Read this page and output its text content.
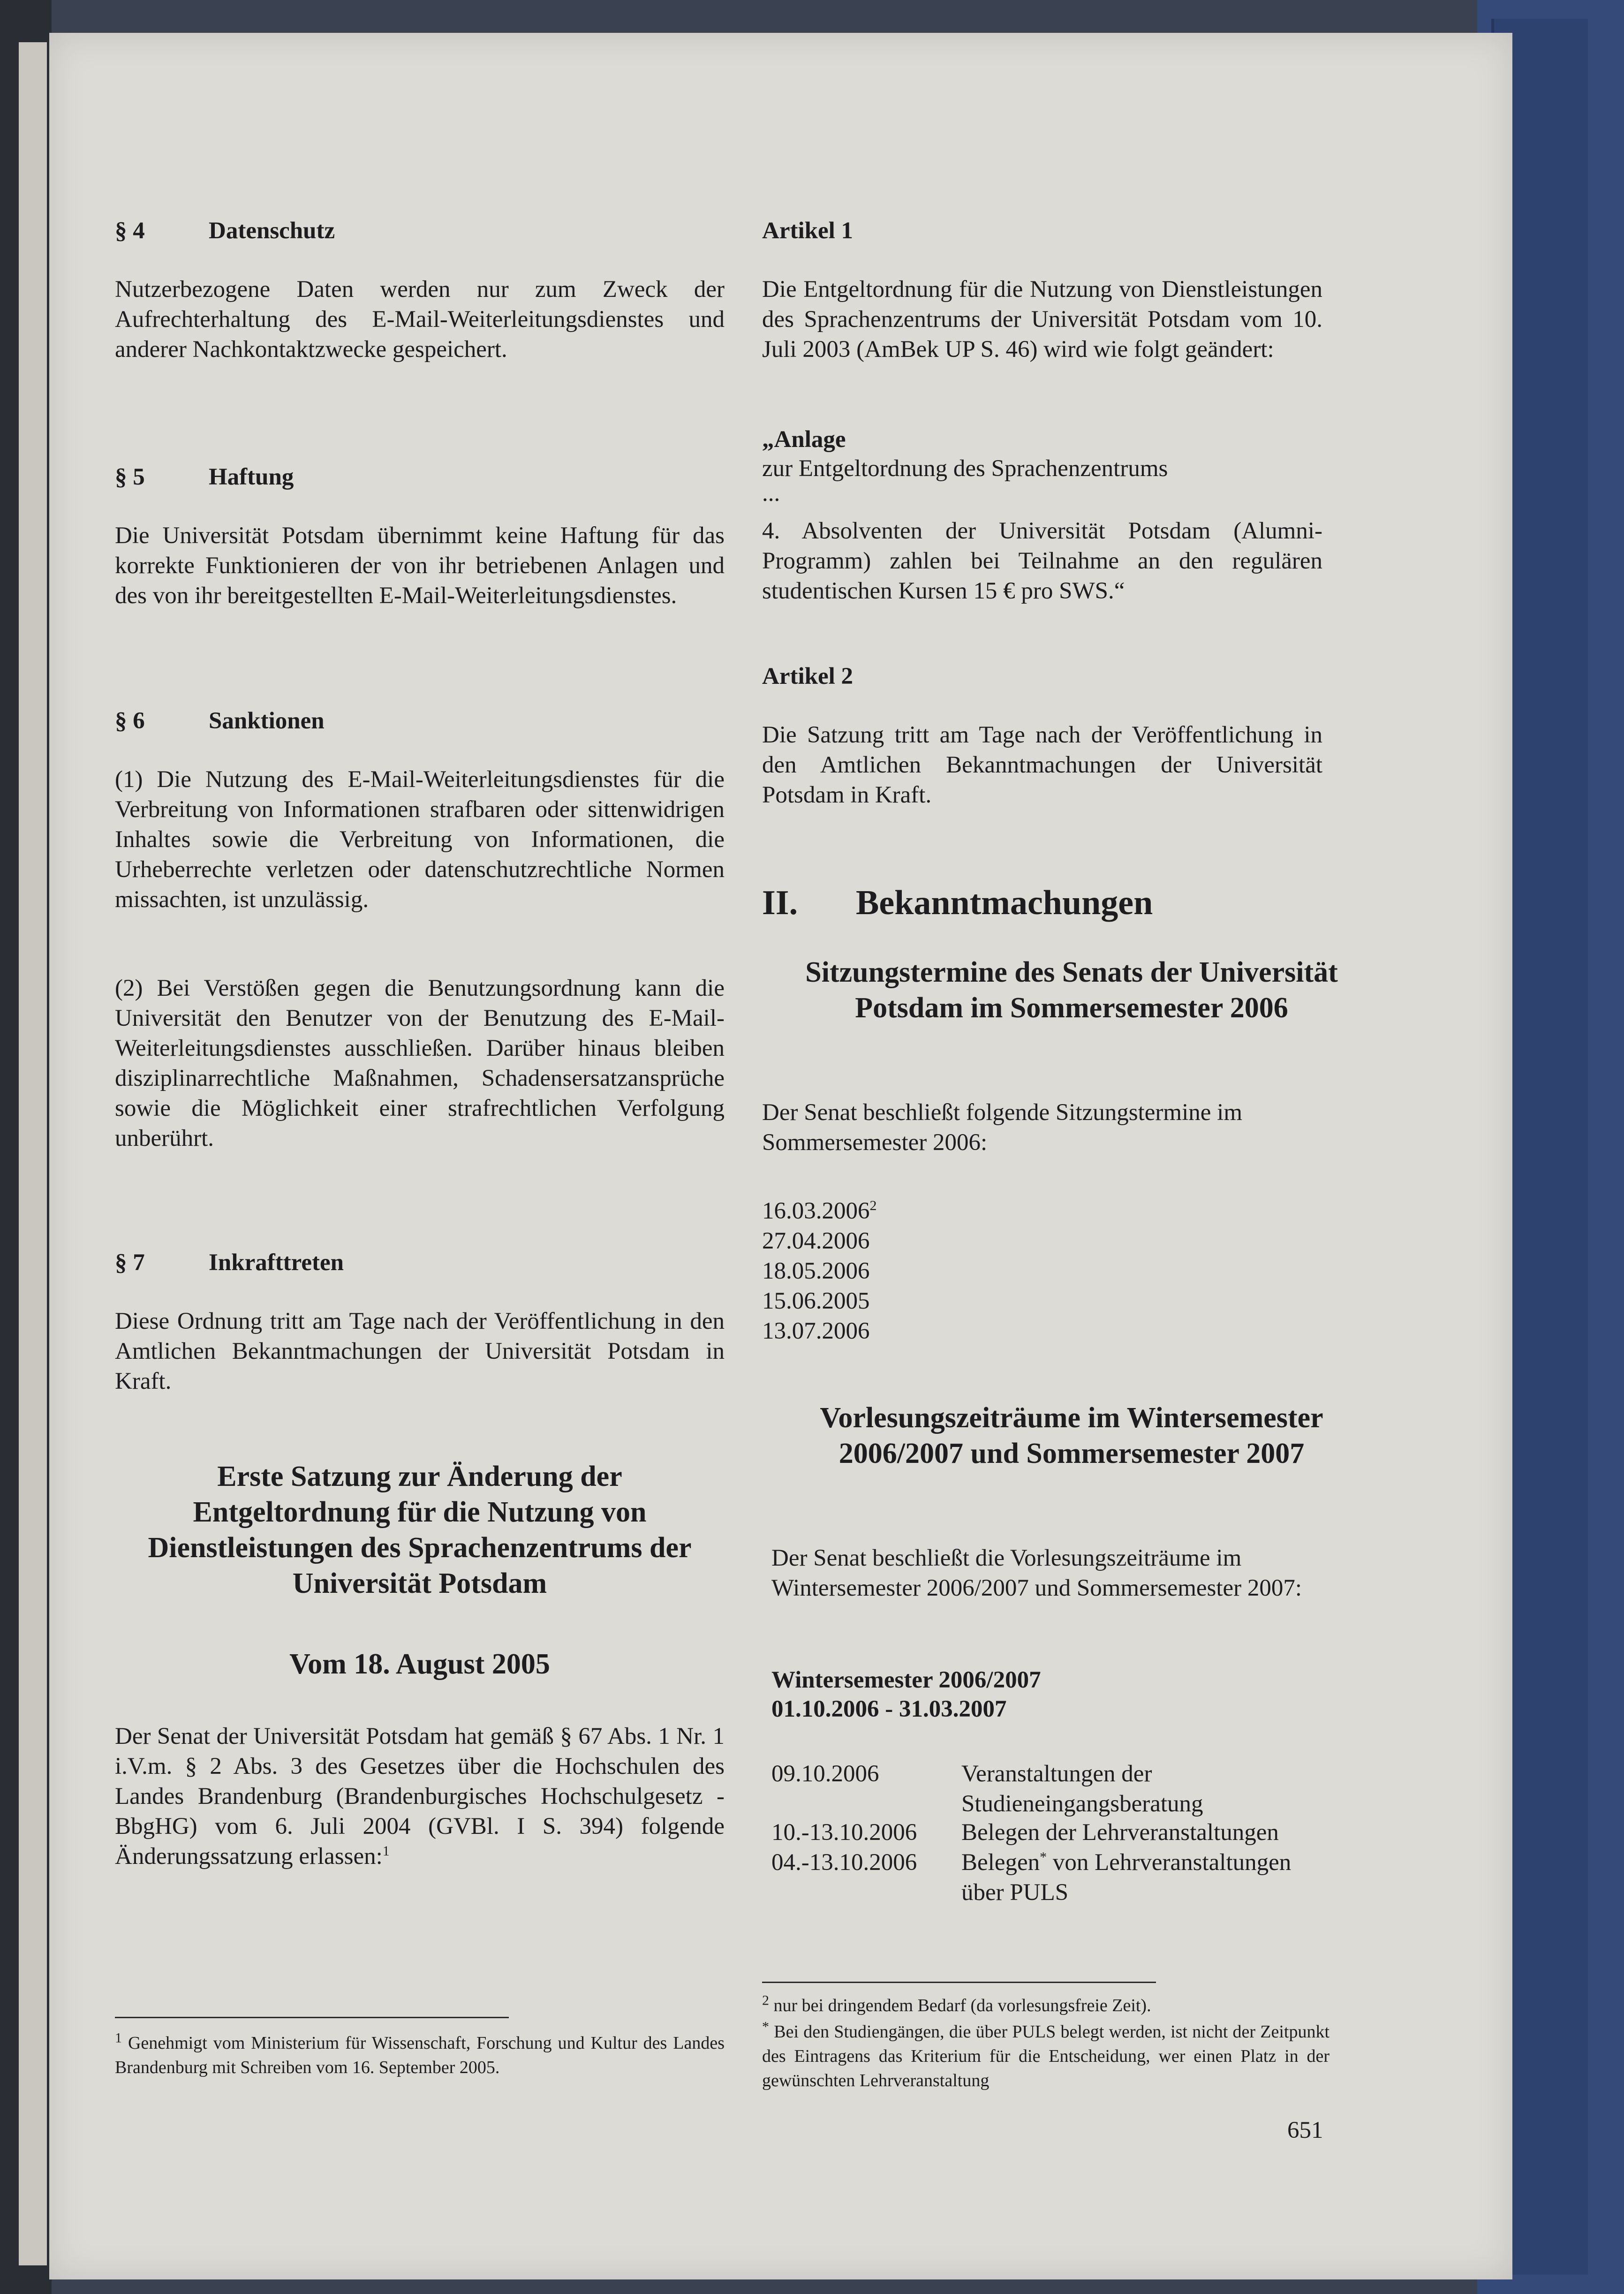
§ 4	Datenschutz
Nutzerbezogene Daten werden nur zum Zweck der Aufrechterhaltung des E-Mail-Weiterleitungsdienstes und anderer Nachkontaktzwecke gespeichert.
§ 5	Haftung
Die Universität Potsdam übernimmt keine Haftung für das korrekte Funktionieren der von ihr betriebenen Anlagen und des von ihr bereitgestellten E-Mail-Weiterleitungsdienstes.
§ 6	Sanktionen
(1) Die Nutzung des E-Mail-Weiterleitungsdienstes für die Verbreitung von Informationen strafbaren oder sittenwidrigen Inhaltes sowie die Verbreitung von Informationen, die Urheberrechte verletzen oder datenschutzrechtliche Normen missachten, ist unzulässig.
(2) Bei Verstößen gegen die Benutzungsordnung kann die Universität den Benutzer von der Benutzung des E-Mail-Weiterleitungsdienstes ausschließen. Darüber hinaus bleiben disziplinarrechtliche Maßnahmen, Schadensersatzansprüche sowie die Möglichkeit einer strafrechtlichen Verfolgung unberührt.
§ 7	Inkrafttreten
Diese Ordnung tritt am Tage nach der Veröffentlichung in den Amtlichen Bekanntmachungen der Universität Potsdam in Kraft.
Erste Satzung zur Änderung der Entgeltordnung für die Nutzung von Dienstleistungen des Sprachenzentrums der Universität Potsdam
Vom 18. August 2005
Der Senat der Universität Potsdam hat gemäß § 67 Abs. 1 Nr. 1 i.V.m. § 2 Abs. 3 des Gesetzes über die Hochschulen des Landes Brandenburg (Brandenburgisches Hochschulgesetz - BbgHG) vom 6. Juli 2004 (GVBl. I S. 394) folgende Änderungssatzung erlassen:$^1$
$^1$ Genehmigt vom Ministerium für Wissenschaft, Forschung und Kultur des Landes Brandenburg mit Schreiben vom 16. September 2005.
Artikel 1
Die Entgeltordnung für die Nutzung von Dienstleistungen des Sprachenzentrums der Universität Potsdam vom 10. Juli 2003 (AmBek UP S. 46) wird wie folgt geändert:
„Anlage
zur Entgeltordnung des Sprachenzentrums
...
4. Absolventen der Universität Potsdam (Alumni-Programm) zahlen bei Teilnahme an den regulären studentischen Kursen 15 € pro SWS.“
Artikel 2
Die Satzung tritt am Tage nach der Veröffentlichung in den Amtlichen Bekanntmachungen der Universität Potsdam in Kraft.
II.	Bekanntmachungen
Sitzungstermine des Senats der Universität Potsdam im Sommersemester 2006
Der Senat beschließt folgende Sitzungstermine im Sommersemester 2006:
16.03.2006$^2$
27.04.2006
18.05.2006
15.06.2005
13.07.2006
Vorlesungszeiträume im Wintersemester 2006/2007 und Sommersemester 2007
Der Senat beschließt die Vorlesungszeiträume im Wintersemester 2006/2007 und Sommersemester 2007:
Wintersemester 2006/2007
01.10.2006 - 31.03.2007
09.10.2006	Veranstaltungen der Studieneingangsberatung
10.-13.10.2006 Belegen der Lehrveranstaltungen
04.-13.10.2006 Belegen* von Lehrveranstaltungen über PULS
$^2$ nur bei dringendem Bedarf (da vorlesungsfreie Zeit).
* Bei den Studiengängen, die über PULS belegt werden, ist nicht der Zeitpunkt des Eintragens das Kriterium für die Entscheidung, wer einen Platz in der gewünschten Lehrveranstaltung
651
